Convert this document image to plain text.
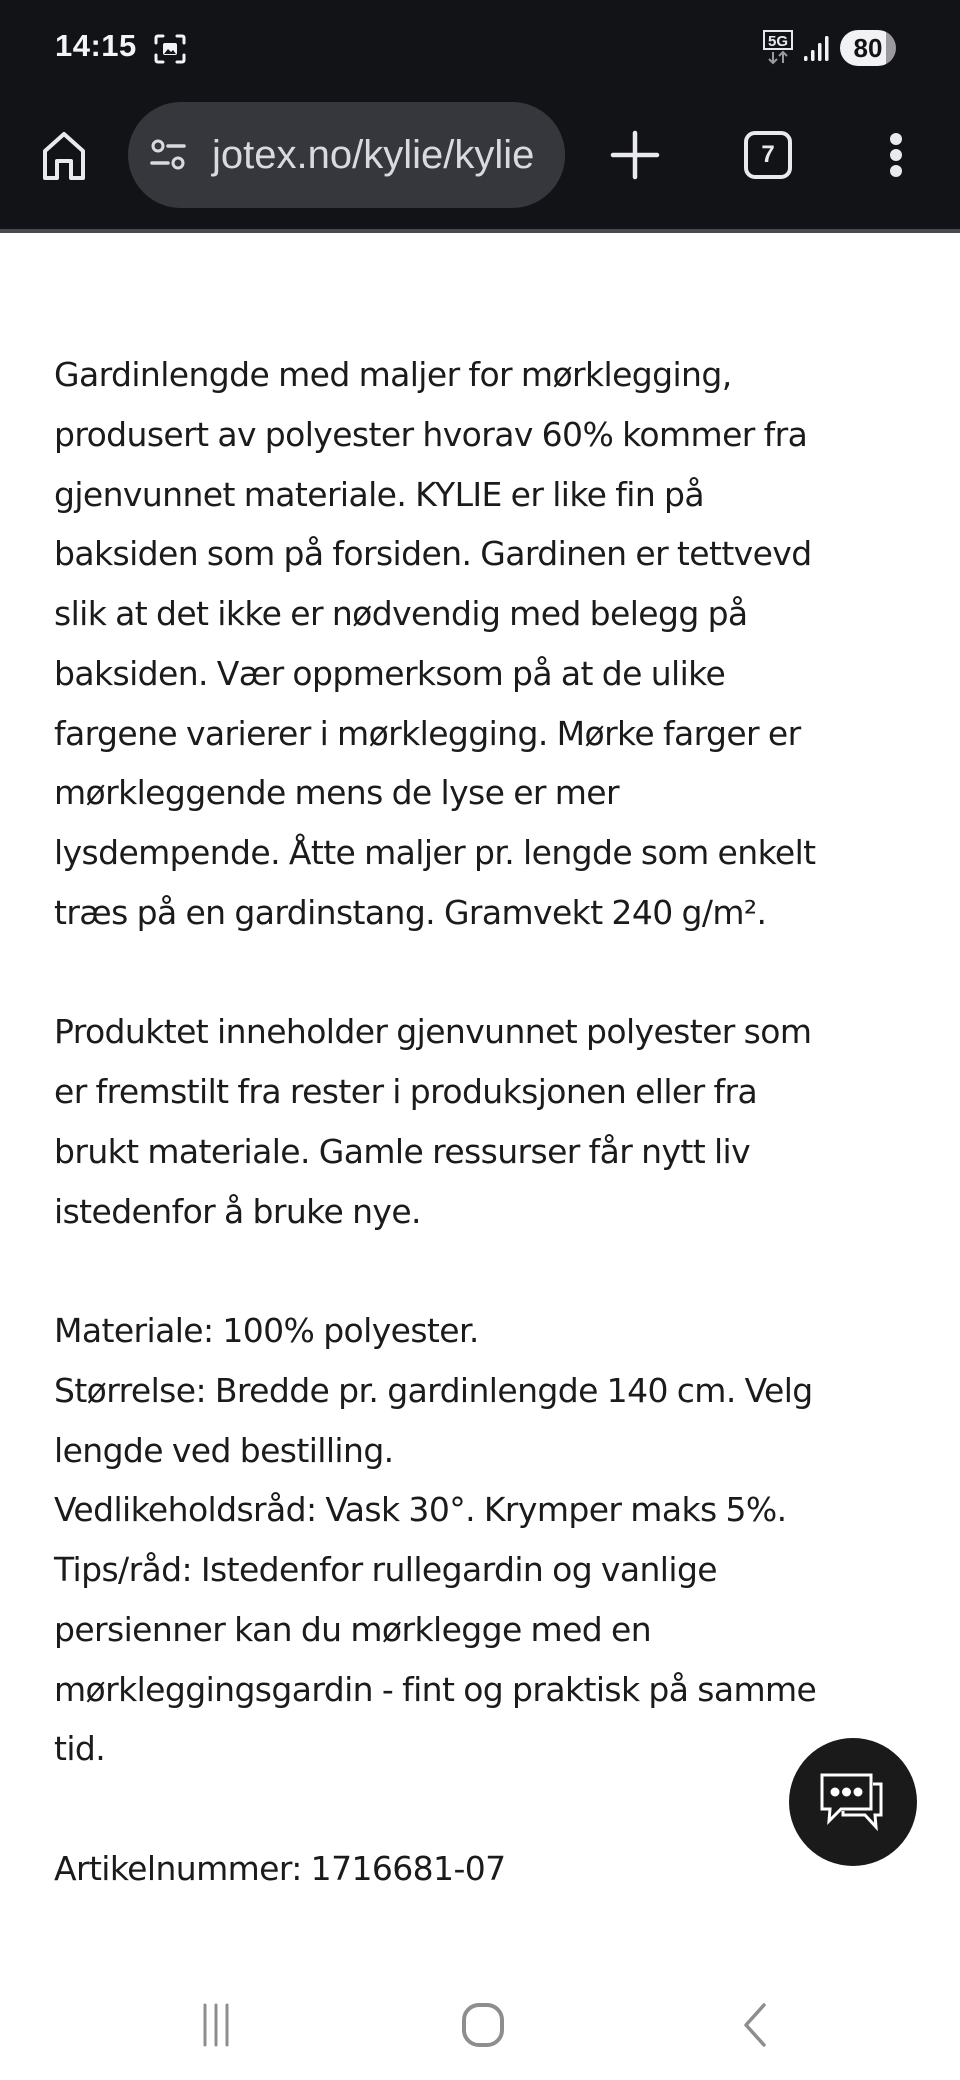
14:15	5G	80
jotex.no/kylie/kylie	7

Gardinlengde med maljer for mørklegging,
produsert av polyester hvorav 60% kommer fra
gjenvunnet materiale. KYLIE er like fin på
baksiden som på forsiden. Gardinen er tettvevd
slik at det ikke er nødvendig med belegg på
baksiden. Vær oppmerksom på at de ulike
fargene varierer i mørklegging. Mørke farger er
mørkleggende mens de lyse er mer
lysdempende. Åtte maljer pr. lengde som enkelt
træs på en gardinstang. Gramvekt 240 g/m².

Produktet inneholder gjenvunnet polyester som
er fremstilt fra rester i produksjonen eller fra
brukt materiale. Gamle ressurser får nytt liv
istedenfor å bruke nye.

Materiale: 100% polyester.
Størrelse: Bredde pr. gardinlengde 140 cm. Velg
lengde ved bestilling.
Vedlikeholdsråd: Vask 30°. Krymper maks 5%.
Tips/råd: Istedenfor rullegardin og vanlige
persienner kan du mørklegge med en
mørkleggingsgardin - fint og praktisk på samme
tid.

Artikelnummer: 1716681-07
